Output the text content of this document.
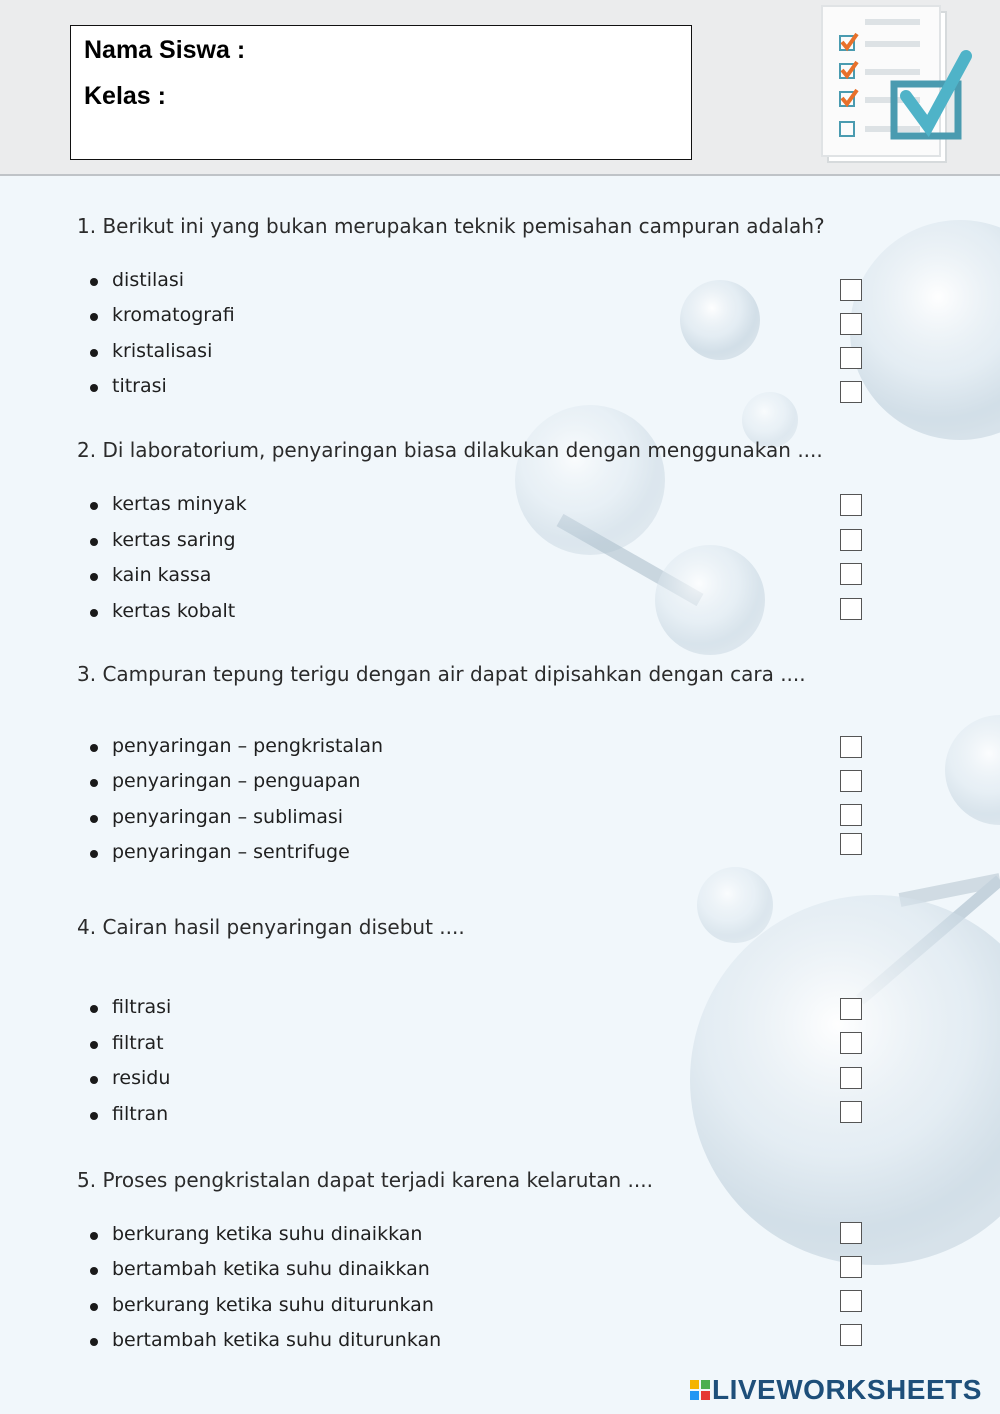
Nama Siswa :
Kelas :
1. Berikut ini yang bukan merupakan teknik pemisahan campuran adalah?
distilasi
kromatografi
kristalisasi
titrasi
2. Di laboratorium, penyaringan biasa dilakukan dengan menggunakan ....
kertas minyak
kertas saring
kain kassa
kertas kobalt
3. Campuran tepung terigu dengan air dapat dipisahkan dengan cara ....
penyaringan – pengkristalan
penyaringan – penguapan
penyaringan – sublimasi
penyaringan – sentrifuge
4. Cairan hasil penyaringan disebut ....
filtrasi
filtrat
residu
filtran
5. Proses pengkristalan dapat terjadi karena kelarutan ....
berkurang ketika suhu dinaikkan
bertambah ketika suhu dinaikkan
berkurang ketika suhu diturunkan
bertambah ketika suhu diturunkan
LIVEWORKSHEETS
